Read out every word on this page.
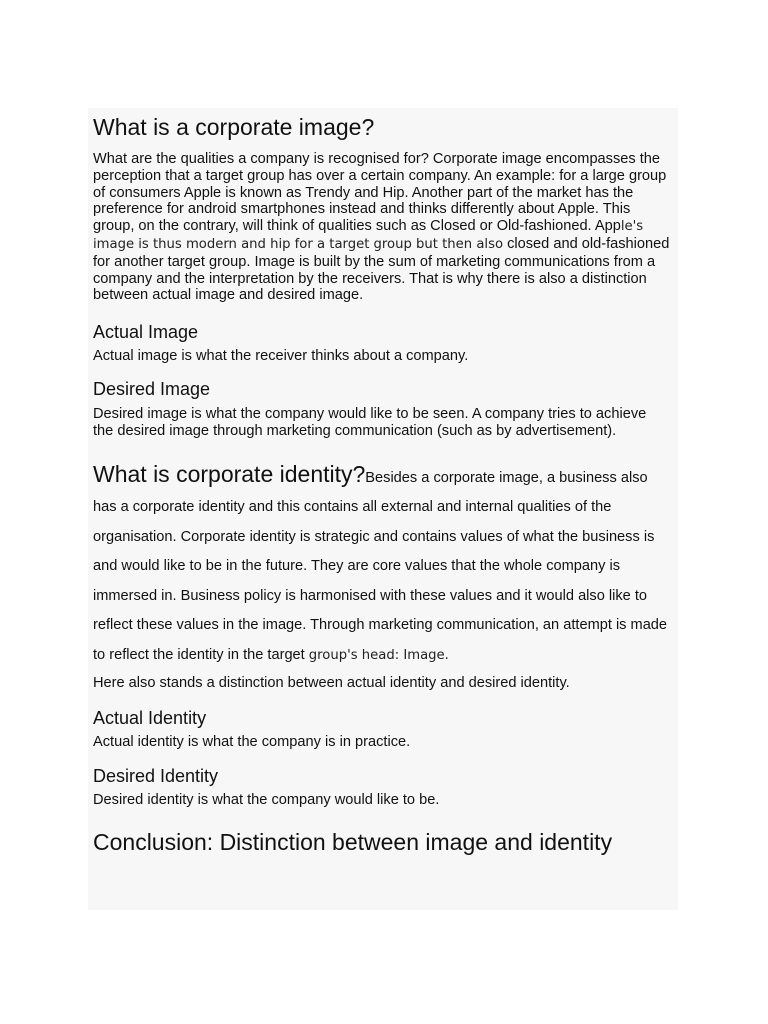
What is a corporate image?

What are the qualities a company is recognised for? Corporate image encompasses the perception that a target group has over a certain company. An example: for a large group of consumers Apple is known as Trendy and Hip. Another part of the market has the preference for android smartphones instead and thinks differently about Apple. This group, on the contrary, will think of qualities such as Closed or Old-fashioned. Apple's image is thus modern and hip for a target group but then also closed and old-fashioned for another target group. Image is built by the sum of marketing communications from a company and the interpretation by the receivers. That is why there is also a distinction between actual image and desired image.

Actual Image

Actual image is what the receiver thinks about a company.

Desired Image

Desired image is what the company would like to be seen. A company tries to achieve the desired image through marketing communication (such as by advertisement).

What is corporate identity?Besides a corporate image, a business also has a corporate identity and this contains all external and internal qualities of the organisation. Corporate identity is strategic and contains values of what the business is and would like to be in the future. They are core values that the whole company is immersed in. Business policy is harmonised with these values and it would also like to reflect these values in the image. Through marketing communication, an attempt is made to reflect the identity in the target group's head: Image.

Here also stands a distinction between actual identity and desired identity.

Actual Identity

Actual identity is what the company is in practice.

Desired Identity

Desired identity is what the company would like to be.

Conclusion: Distinction between image and identity
